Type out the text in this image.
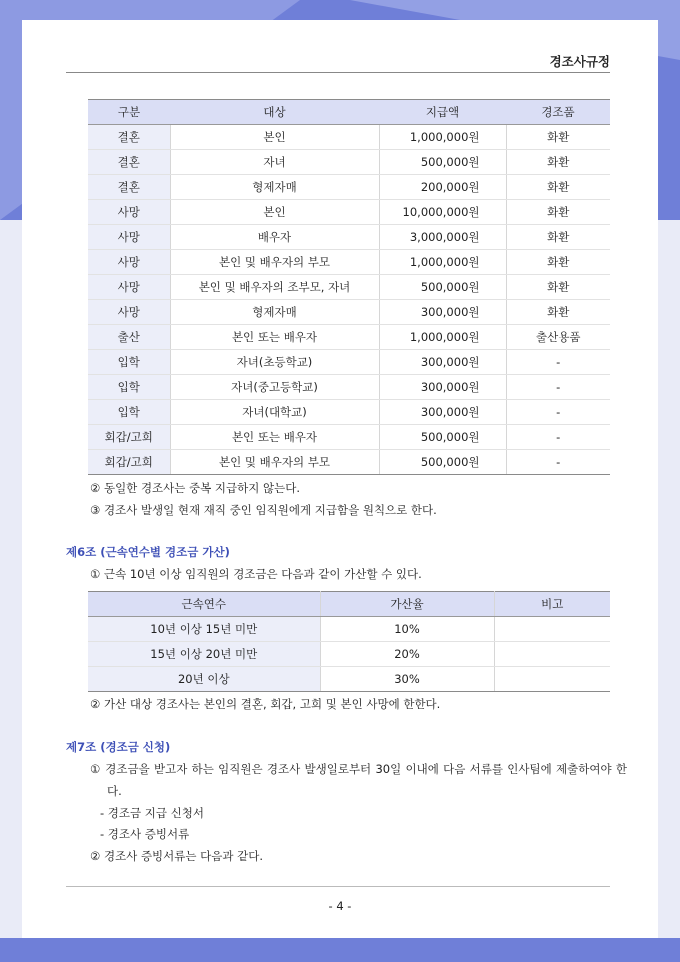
경조사규정
구분	대상	지급액	경조품
결혼	본인	1,000,000원	화환
결혼	자녀	500,000원	화환
결혼	형제자매	200,000원	화환
사망	본인	10,000,000원	화환
사망	배우자	3,000,000원	화환
사망	본인 및 배우자의 부모	1,000,000원	화환
사망	본인 및 배우자의 조부모, 자녀	500,000원	화환
사망	형제자매	300,000원	화환
출산	본인 또는 배우자	1,000,000원	출산용품
입학	자녀(초등학교)	300,000원	-
입학	자녀(중고등학교)	300,000원	-
입학	자녀(대학교)	300,000원	-
회갑/고희	본인 또는 배우자	500,000원	-
회갑/고희	본인 및 배우자의 부모	500,000원	-
② 동일한 경조사는 중복 지급하지 않는다.
③ 경조사 발생일 현재 재직 중인 임직원에게 지급함을 원칙으로 한다.
제6조 (근속연수별 경조금 가산)
① 근속 10년 이상 임직원의 경조금은 다음과 같이 가산할 수 있다.
근속연수	가산율	비고
10년 이상 15년 미만	10%	
15년 이상 20년 미만	20%	
20년 이상	30%	
② 가산 대상 경조사는 본인의 결혼, 회갑, 고희 및 본인 사망에 한한다.
제7조 (경조금 신청)
① 경조금을 받고자 하는 임직원은 경조사 발생일로부터 30일 이내에 다음 서류를 인사팀에 제출하여야 한다.
- 경조금 지급 신청서
- 경조사 증빙서류
② 경조사 증빙서류는 다음과 같다.
- 4 -
